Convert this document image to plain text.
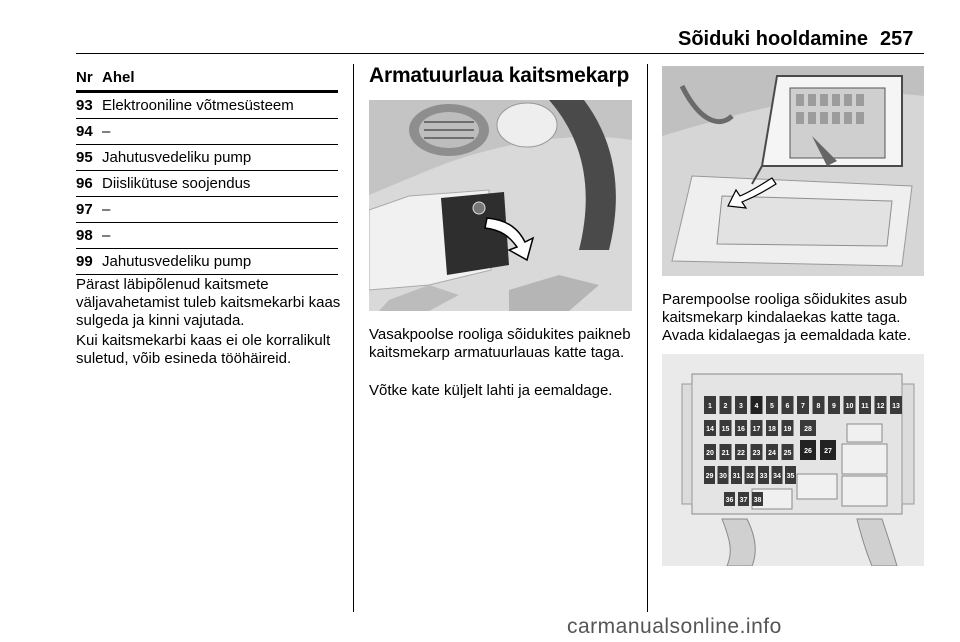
Sõiduki hooldamine 257
Nr Ahel
93 Elektrooniline võtmesüsteem
94 –
95 Jahutusvedeliku pump
96 Diislikütuse soojendus
97 –
98 –
99 Jahutusvedeliku pump

Pärast läbipõlenud kaitsmete väljavahetamist tuleb kaitsmekarbi kaas sulgeda ja kinni vajutada.

Kui kaitsmekarbi kaas ei ole korralikult suletud, võib esineda tööhäireid.

Armatuurlaua kaitsmekarp

Vasakpoolse rooliga sõidukites paikneb kaitsmekarp armatuurlauas katte taga.

Võtke kate küljelt lahti ja eemaldage.

Parempoolse rooliga sõidukites asub kaitsmekarp kindalaekas katte taga. Avada kidalaegas ja eemaldada kate.

1 2 3 4 5 6 7 8 9 10 11 12 13
14 15 16 17 18 19
20 21 22 23 24 25 26 27
28
29 30 31 32 33 34 35
36 37 38
carmanualsonline.info
